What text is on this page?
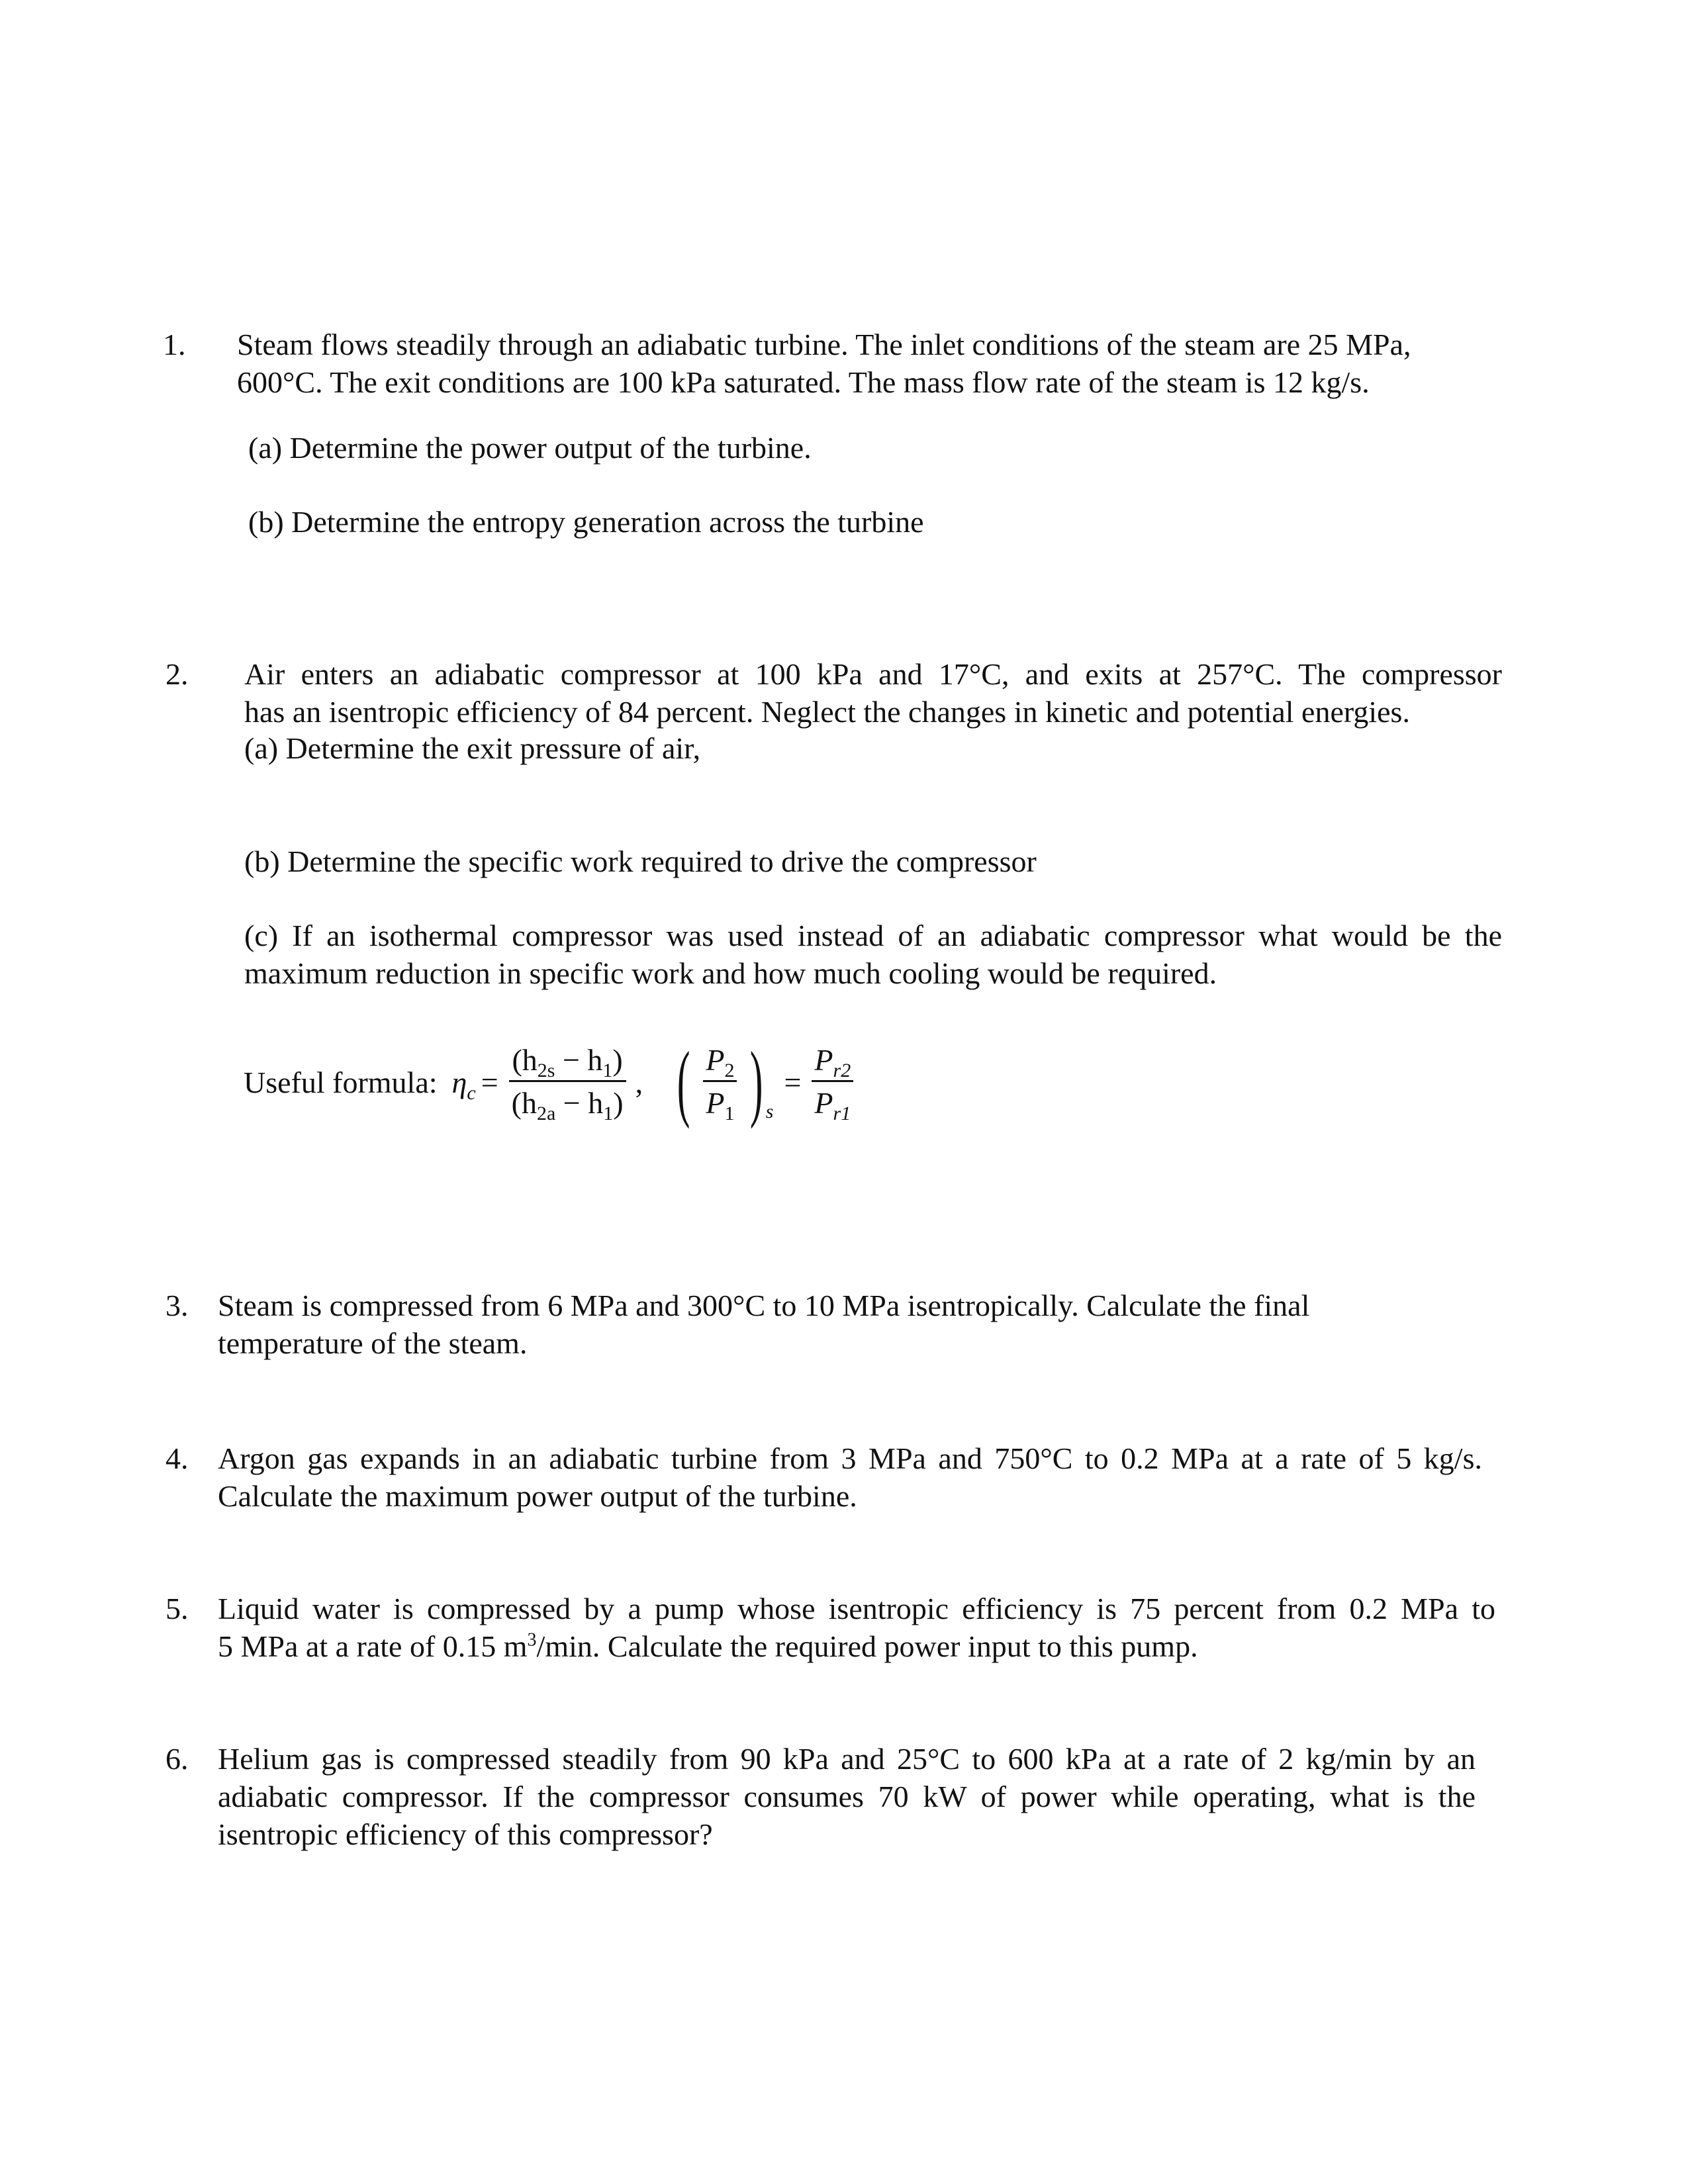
1. Steam flows steadily through an adiabatic turbine. The inlet conditions of the steam are 25 MPa,
600°C. The exit conditions are 100 kPa saturated. The mass flow rate of the steam is 12 kg/s.
(a) Determine the power output of the turbine.
(b) Determine the entropy generation across the turbine
2. Air enters an adiabatic compressor at 100 kPa and 17°C, and exits at 257°C. The compressor
has an isentropic efficiency of 84 percent. Neglect the changes in kinetic and potential energies.
(a) Determine the exit pressure of air,
(b) Determine the specific work required to drive the compressor
(c) If an isothermal compressor was used instead of an adiabatic compressor what would be the
maximum reduction in specific work and how much cooling would be required.
Useful formula: $\eta_c = \frac{(h_{2s} - h_1)}{(h_{2a} - h_1)}$ , ( $\frac{P_2}{P_1}$ ) s
= $\frac{P_{r2}}{P_{r1}}$
3. Steam is compressed from 6 MPa and 300°C to 10 MPa isentropically. Calculate the final
temperature of the steam.
4. Argon gas expands in an adiabatic turbine from 3 MPa and 750°C to 0.2 MPa at a rate of 5 kg/s.
Calculate the maximum power output of the turbine.
5. Liquid water is compressed by a pump whose isentropic efficiency is 75 percent from 0.2 MPa to
5 MPa at a rate of 0.15 $m^3/\min$. Calculate the required power input to this pump.
6. Helium gas is compressed steadily from 90 kPa and 25°C to 600 kPa at a rate of 2 kg/min by an
adiabatic compressor. If the compressor consumes 70 kW of power while operating, what is the
isentropic efficiency of this compressor?
